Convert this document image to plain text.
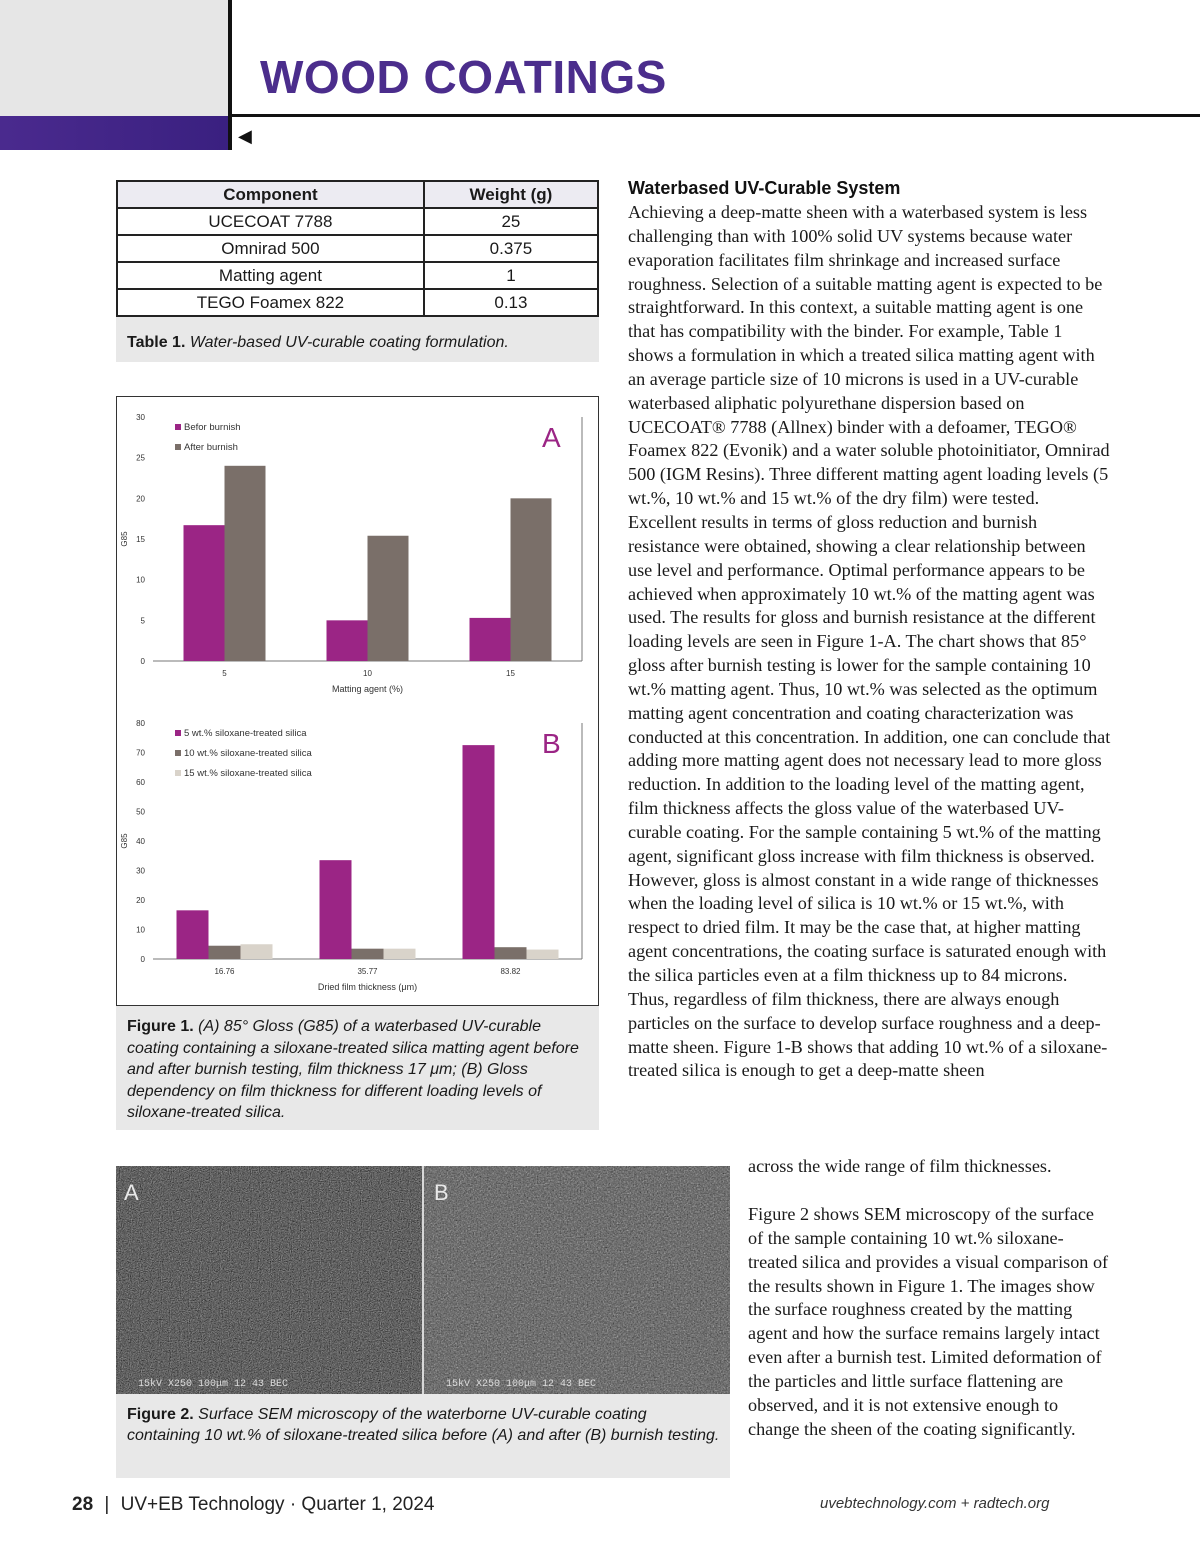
WOOD COATINGS
◀
Component	Weight (g)
UCECOAT 7788	25
Omnirad 500	0.375
Matting agent	1
TEGO Foamex 822	0.13
Table 1. Water-based UV-curable coating formulation.
0
5
10
15
20
25
30
G85
5	10	15
Matting agent (%)
Befor burnish
After burnish	A
0
10
20
30
40
50
60
70
80
G85
16.76	35.77	83.82
Dried film thickness (μm)
5 wt.% siloxane-treated silica
10 wt.% siloxane-treated silica
15 wt.% siloxane-treated silica
B
Figure 1. (A) 85° Gloss (G85) of a waterbased UV-curable coating containing a siloxane-treated silica matting agent before and after burnish testing, film thickness 17 μm; (B) Gloss dependency on film thickness for different loading levels of siloxane-treated silica.
A
15kV X250 100μm 12 43 BEC
B
15kV X250 100μm 12 43 BEC
Figure 2. Surface SEM microscopy of the waterborne UV-curable coating containing 10 wt.% of siloxane-treated silica before (A) and after (B) burnish testing.
Waterbased UV-Curable System
Achieving a deep-matte sheen with a waterbased system is less challenging than with 100% solid UV systems because water evaporation facilitates film shrinkage and increased surface roughness. Selection of a suitable matting agent is expected to be straightforward. In this context, a suitable matting agent is one that has compatibility with the binder. For example, Table 1 shows a formulation in which a treated silica matting agent with an average particle size of 10 microns is used in a UV-curable waterbased aliphatic polyurethane dispersion based on UCECOAT® 7788 (Allnex) binder with a defoamer, TEGO® Foamex 822 (Evonik) and a water soluble photoinitiator, Omnirad 500 (IGM Resins). Three different matting agent loading levels (5 wt.%, 10 wt.% and 15 wt.% of the dry film) were tested. Excellent results in terms of gloss reduction and burnish resistance were obtained, showing a clear relationship between use level and performance. Optimal performance appears to be achieved when approximately 10 wt.% of the matting agent was used. The results for gloss and burnish resistance at the different loading levels are seen in Figure 1-A. The chart shows that 85° gloss after burnish testing is lower for the sample containing 10 wt.% matting agent. Thus, 10 wt.% was selected as the optimum matting agent concentration and coating characterization was conducted at this concentration. In addition, one can conclude that adding more matting agent does not necessary lead to more gloss reduction. In addition to the loading level of the matting agent, film thickness affects the gloss value of the waterbased UV-curable coating. For the sample containing 5 wt.% of the matting agent, significant gloss increase with film thickness is observed. However, gloss is almost constant in a wide range of thicknesses when the loading level of silica is 10 wt.% or 15 wt.%, with respect to dried film. It may be the case that, at higher matting agent concentrations, the coating surface is saturated enough with the silica particles even at a film thickness up to 84 microns. Thus, regardless of film thickness, there are always enough particles on the surface to develop surface roughness and a deep-matte sheen. Figure 1-B shows that adding 10 wt.% of a siloxane-treated silica is enough to get a deep-matte sheen
across the wide range of film thicknesses.
Figure 2 shows SEM microscopy of the surface of the sample containing 10 wt.% siloxane-treated silica and provides a visual comparison of the results shown in Figure 1. The images show the surface roughness created by the matting agent and how the surface remains largely intact even after a burnish test. Limited deformation of the particles and little surface flattening are observed, and it is not extensive enough to change the sheen of the coating significantly.
28 | UV+EB Technology · Quarter 1, 2024	uvebtechnology.com + radtech.org
